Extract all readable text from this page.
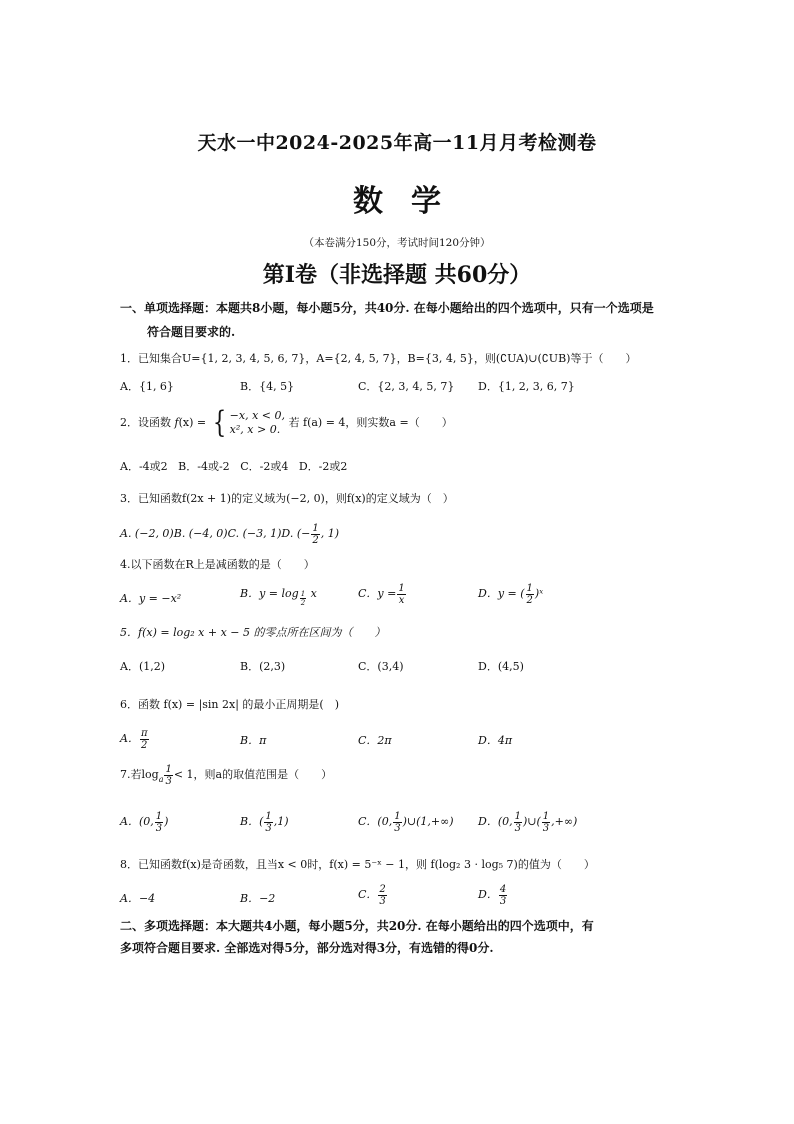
天水一中2024-2025年高一11月月考检测卷
数学
（本卷满分150分，考试时间120分钟）
第I卷（非选择题 共60分）
一、单项选择题：本题共8小题，每小题5分，共40分. 在每小题给出的四个选项中，只有一个选项是
符合题目要求的.
1．已知集合U={1, 2, 3, 4, 5, 6, 7}，A={2, 4, 5, 7}，B={3, 4, 5}，则(∁UA)∪(∁UB)等于（　　）
A．{1, 6}	B．{4, 5}	C．{2, 3, 4, 5, 7} D．{1, 2, 3, 6, 7}
2．设函数 f(x) = { −x, x < 0,
x², x > 0.
若 f(a) = 4，则实数a =（　　）
A．-4或2 B．-4或-2 C．-2或4 D．-2或2
3．已知函数f(2x + 1)的定义域为(−2, 0)，则f(x)的定义域为（　）
A. (−2, 0)B. (−4, 0)C. (−3, 1)D. (− $\frac{1}{2}$ , 1)
4.以下函数在R上是减函数的是（　　）
A．y = −x²	B．$y = \log \frac{1}{2}$ x	C．$y = \frac{1}{x}$	D．y = ( $\frac{1}{2}$ )ˣ
5．f(x) = log₂ x + x − 5 的零点所在区间为（　　）
A．(1,2)	B．(2,3)	C．(3,4)	D．(4,5)
6．函数 f(x) = |sin 2x| 的最小正周期是(　)
A． $\frac{\pi}{2}$	B．π	C．2π	D．4π
7.若$\log_a \frac{1}{3} < 1$，则a的取值范围是（　　）
A．(0, $\frac{1}{3}$ )	B．( $\frac{1}{3} ,1$)	C．(0, $\frac{1}{3}$ )∪(1,+∞) D．(0, $\frac{1}{3}$ )∪( $\frac{1}{3}$ ,+∞)
8．已知函数f(x)是奇函数，且当x < 0时，f(x) = 5⁻ˣ − 1，则 f(log₂ 3 · log₅ 7)的值为（　　）
A．−4	B．−2	C． $\frac{2}{3}$	D． $\frac{4}{3}$
二、多项选择题：本大题共4小题，每小题5分，共20分. 在每小题给出的四个选项中，有
多项符合题目要求. 全部选对得5分，部分选对得3分，有选错的得0分.
